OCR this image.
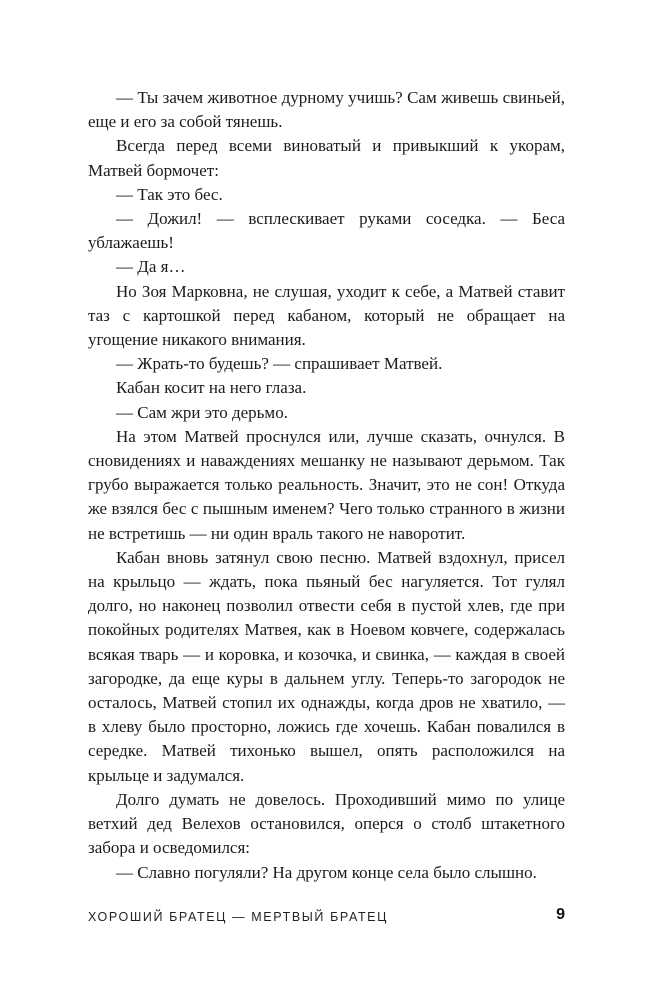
— Ты зачем животное дурному учишь? Сам живешь свиньей, еще и его за собой тянешь.

Всегда перед всеми виноватый и привыкший к укорам, Матвей бормочет:

— Так это бес.

— Дожил! — всплескивает руками соседка. — Беса ублажаешь!

— Да я…

Но Зоя Марковна, не слушая, уходит к себе, а Матвей ставит таз с картошкой перед кабаном, который не обращает на угощение никакого внимания.

— Жрать-то будешь? — спрашивает Матвей.

Кабан косит на него глаза.

— Сам жри это дерьмо.

На этом Матвей проснулся или, лучше сказать, очнулся. В сновидениях и наваждениях мешанку не называют дерьмом. Так грубо выражается только реальность. Значит, это не сон! Откуда же взялся бес с пышным именем? Чего только странного в жизни не встретишь — ни один враль такого не наворотит.

Кабан вновь затянул свою песню. Матвей вздохнул, присел на крыльцо — ждать, пока пьяный бес нагуляется. Тот гулял долго, но наконец позволил отвести себя в пустой хлев, где при покойных родителях Матвея, как в Ноевом ковчеге, содержалась всякая тварь — и коровка, и козочка, и свинка, — каждая в своей загородке, да еще куры в дальнем углу. Теперь-то загородок не осталось, Матвей стопил их однажды, когда дров не хватило, — в хлеву было просторно, ложись где хочешь. Кабан повалился в середке. Матвей тихонько вышел, опять расположился на крыльце и задумался.

Долго думать не довелось. Проходивший мимо по улице ветхий дед Велехов остановился, оперся о столб штакетного забора и осведомился:

— Славно погуляли? На другом конце села было слышно.

ХОРОШИЙ БРАТЕЦ — МЕРТВЫЙ БРАТЕЦ	9
